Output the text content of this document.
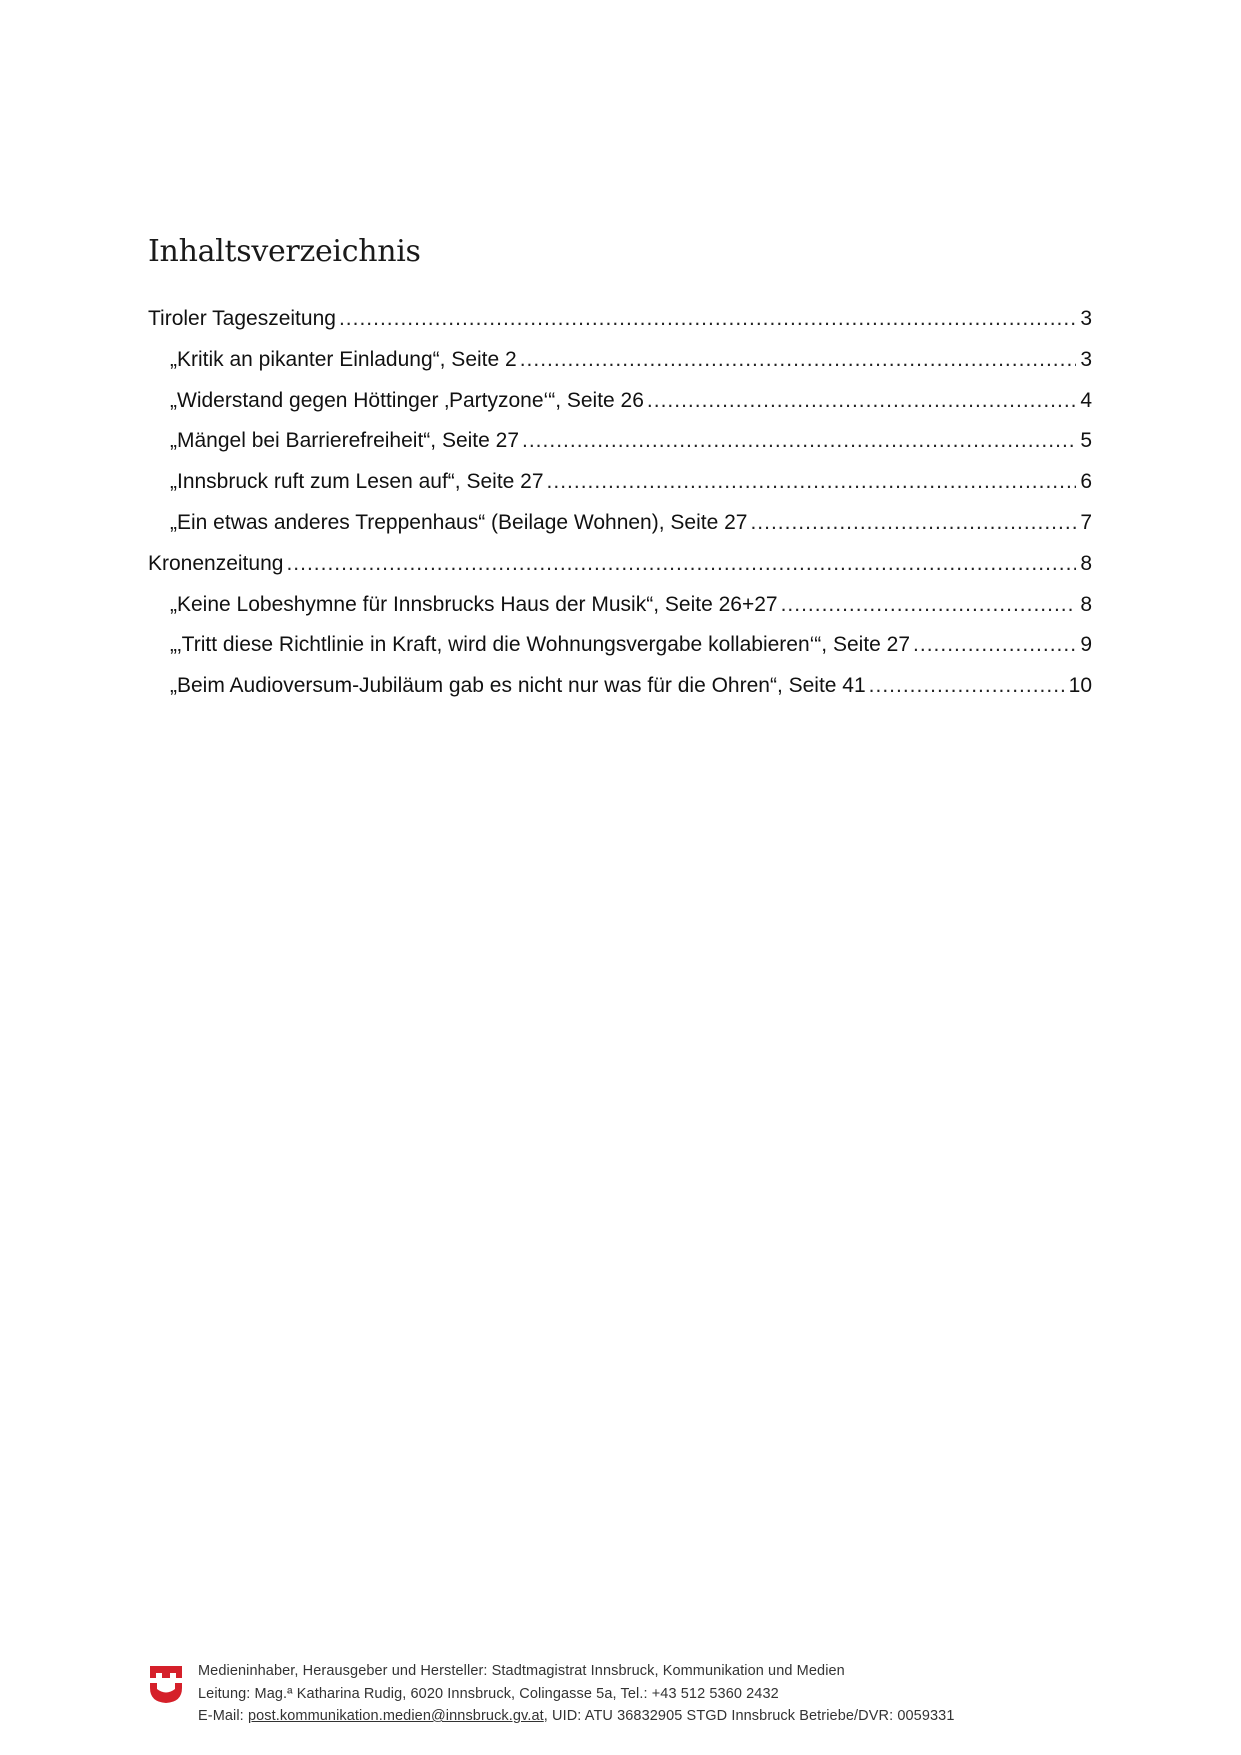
Inhaltsverzeichnis
Tiroler Tageszeitung .....	3
„Kritik an pikanter Einladung“, Seite 2 .....	3
„Widerstand gegen Höttinger ‚Partyzone‘“, Seite 26 .....	4
„Mängel bei Barrierefreiheit“, Seite 27 .....	5
„Innsbruck ruft zum Lesen auf“, Seite 27 .....	6
„Ein etwas anderes Treppenhaus“ (Beilage Wohnen), Seite 27 .....	7
Kronenzeitung .....	8
„Keine Lobeshymne für Innsbrucks Haus der Musik“, Seite 26+27 .....	8
„‚Tritt diese Richtlinie in Kraft, wird die Wohnungsvergabe kollabieren‘“, Seite 27 .....	9
„Beim Audioversum-Jubiläum gab es nicht nur was für die Ohren“, Seite 41 .....	10
Medieninhaber, Herausgeber und Hersteller: Stadtmagistrat Innsbruck, Kommunikation und Medien
Leitung: Mag.ª Katharina Rudig, 6020 Innsbruck, Colingasse 5a, Tel.: +43 512 5360 2432
E-Mail: post.kommunikation.medien@innsbruck.gv.at, UID: ATU 36832905 STGD Innsbruck Betriebe/DVR: 0059331
